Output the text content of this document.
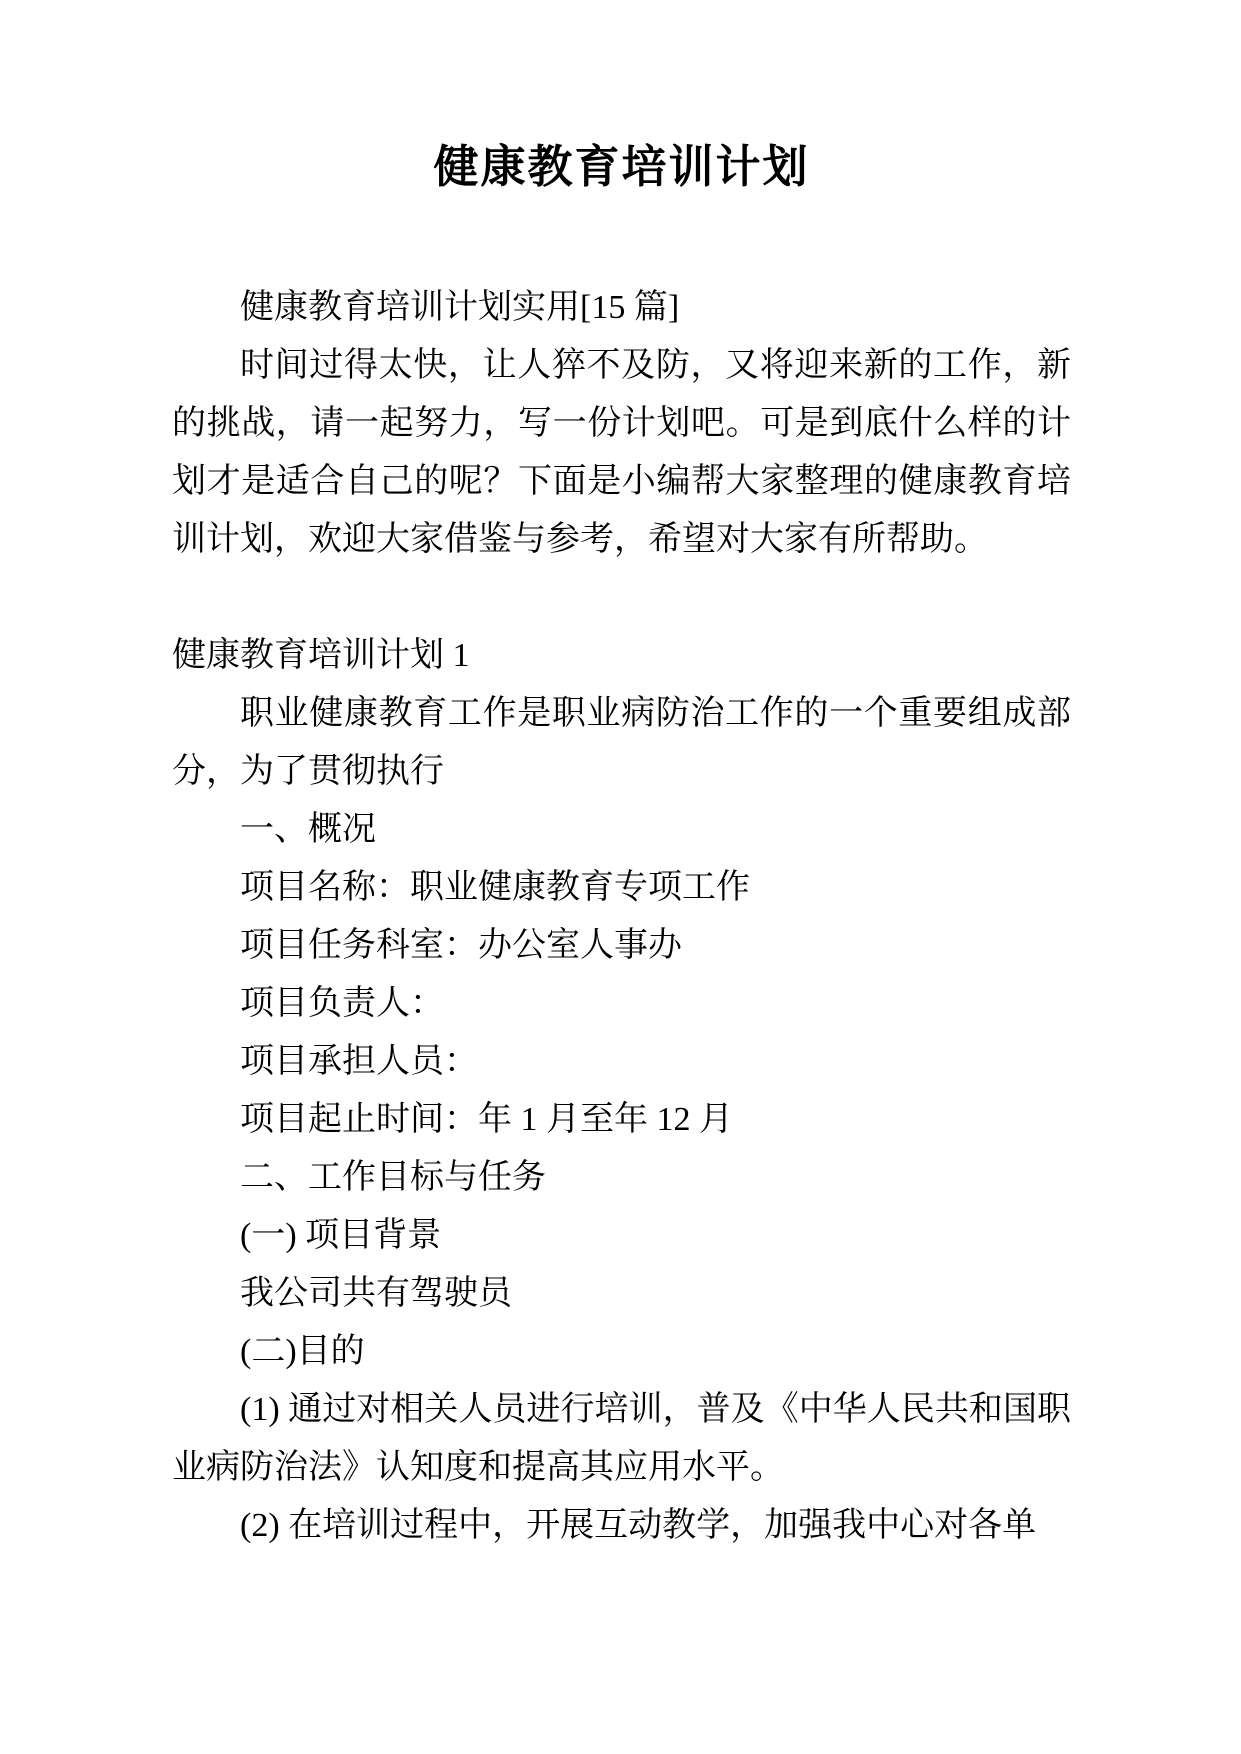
健康教育培训计划

健康教育培训计划实用[15 篇]

时间过得太快，让人猝不及防，又将迎来新的工作，新的挑战，请一起努力，写一份计划吧。可是到底什么样的计划才是适合自己的呢？下面是小编帮大家整理的健康教育培训计划，欢迎大家借鉴与参考，希望对大家有所帮助。

健康教育培训计划 1

职业健康教育工作是职业病防治工作的一个重要组成部分，为了贯彻执行

一、概况

项目名称：职业健康教育专项工作

项目任务科室：办公室人事办

项目负责人：

项目承担人员：

项目起止时间：年 1 月至年 12 月

二、工作目标与任务

(一) 项目背景

我公司共有驾驶员

(二)目的

(1) 通过对相关人员进行培训，普及《中华人民共和国职业病防治法》认知度和提高其应用水平。

(2) 在培训过程中，开展互动教学，加强我中心对各单
